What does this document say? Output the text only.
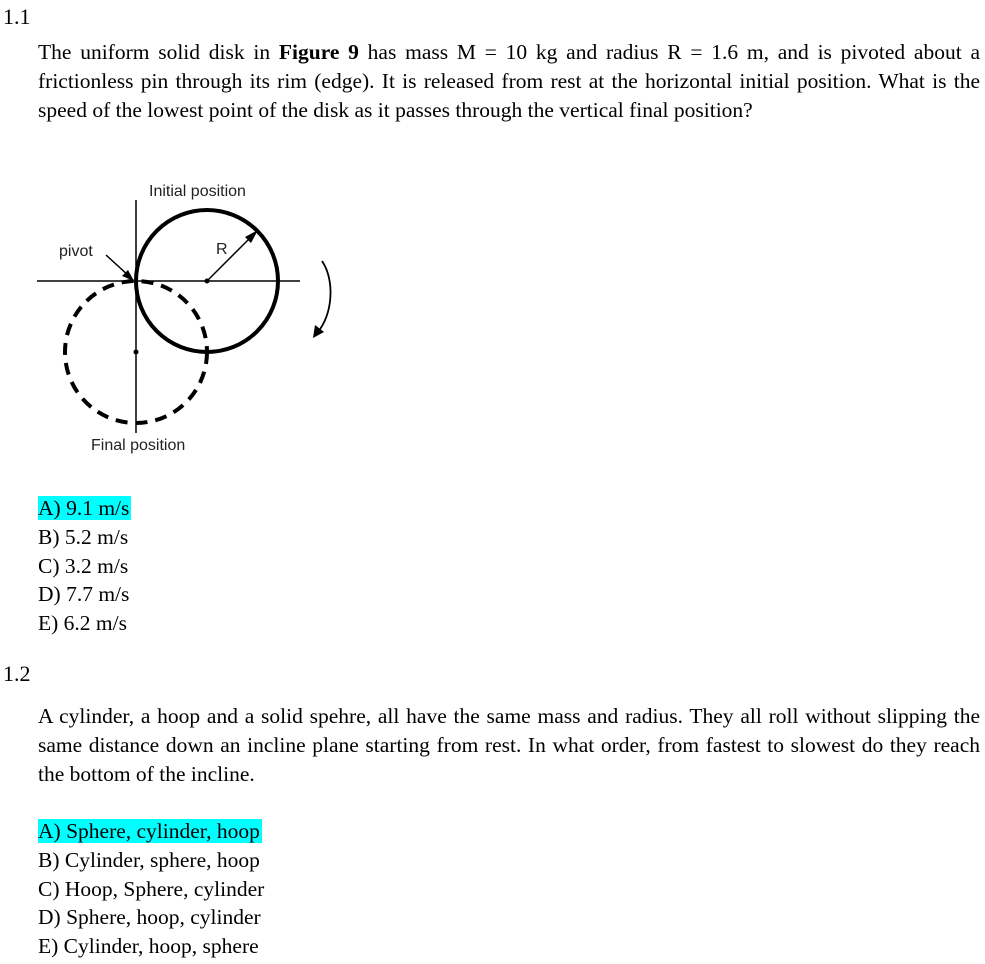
1.1
The uniform solid disk in Figure 9 has mass M = 10 kg and radius R = 1.6 m, and is pivoted about a frictionless pin through its rim (edge). It is released from rest at the horizontal initial position. What is the speed of the lowest point of the disk as it passes through the vertical final position?
Initial position
pivot	R
Final position
A) 9.1 m/s
B) 5.2 m/s
C) 3.2 m/s
D) 7.7 m/s
E) 6.2 m/s
1.2
A cylinder, a hoop and a solid spehre, all have the same mass and radius. They all roll without slipping the same distance down an incline plane starting from rest. In what order, from fastest to slowest do they reach the bottom of the incline.
A) Sphere, cylinder, hoop
B) Cylinder, sphere, hoop
C) Hoop, Sphere, cylinder
D) Sphere, hoop, cylinder
E) Cylinder, hoop, sphere
